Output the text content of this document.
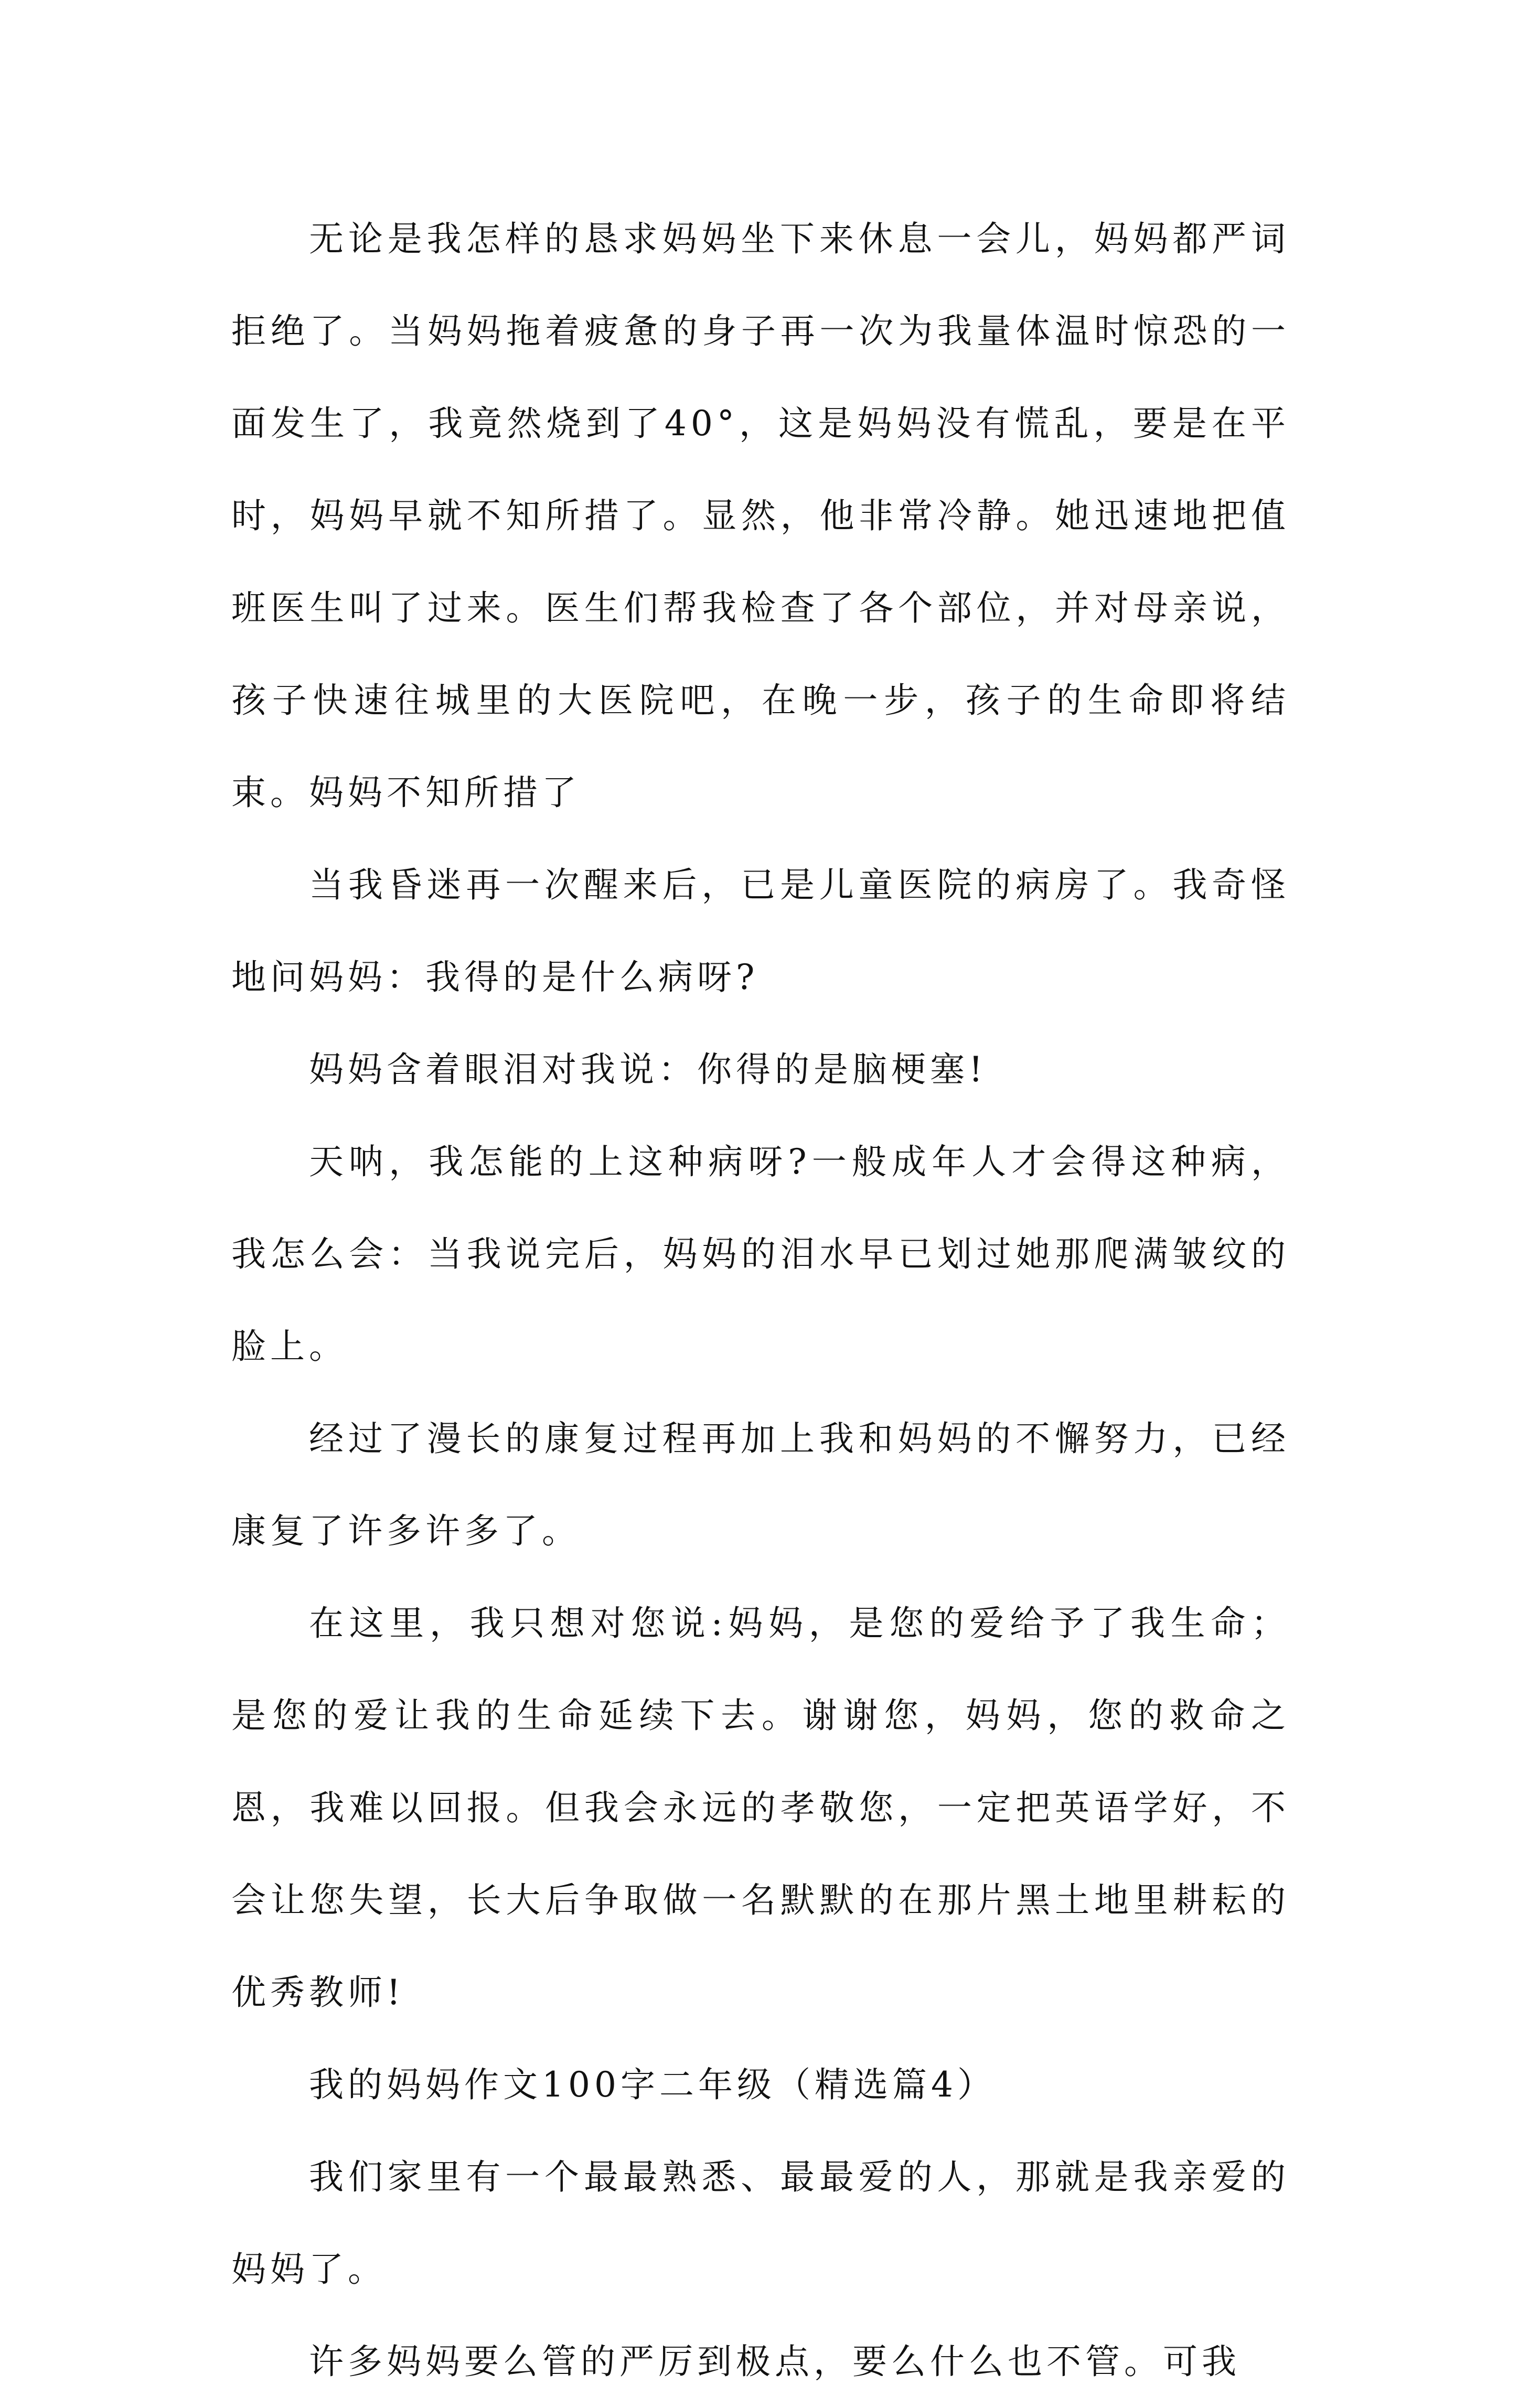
无论是我怎样的恳求妈妈坐下来休息一会儿，妈妈都严词拒绝了。当妈妈拖着疲惫的身子再一次为我量体温时惊恐的一面发生了，我竟然烧到了40°，这是妈妈没有慌乱，要是在平时，妈妈早就不知所措了。显然，他非常冷静。她迅速地把值班医生叫了过来。医生们帮我检查了各个部位，并对母亲说，孩子快速往城里的大医院吧，在晚一步，孩子的生命即将结束。妈妈不知所措了

当我昏迷再一次醒来后，已是儿童医院的病房了。我奇怪地问妈妈：我得的是什么病呀?

妈妈含着眼泪对我说：你得的是脑梗塞!

天呐，我怎能的上这种病呀?一般成年人才会得这种病，我怎么会：当我说完后，妈妈的泪水早已划过她那爬满皱纹的脸上。

经过了漫长的康复过程再加上我和妈妈的不懈努力，已经康复了许多许多了。

在这里，我只想对您说:妈妈，是您的爱给予了我生命；是您的爱让我的生命延续下去。谢谢您，妈妈，您的救命之恩，我难以回报。但我会永远的孝敬您，一定把英语学好，不会让您失望，长大后争取做一名默默的在那片黑土地里耕耘的优秀教师!

我的妈妈作文100字二年级（精选篇4）

我们家里有一个最最熟悉、最最爱的人，那就是我亲爱的妈妈了。

许多妈妈要么管的严厉到极点，要么什么也不管。可我
